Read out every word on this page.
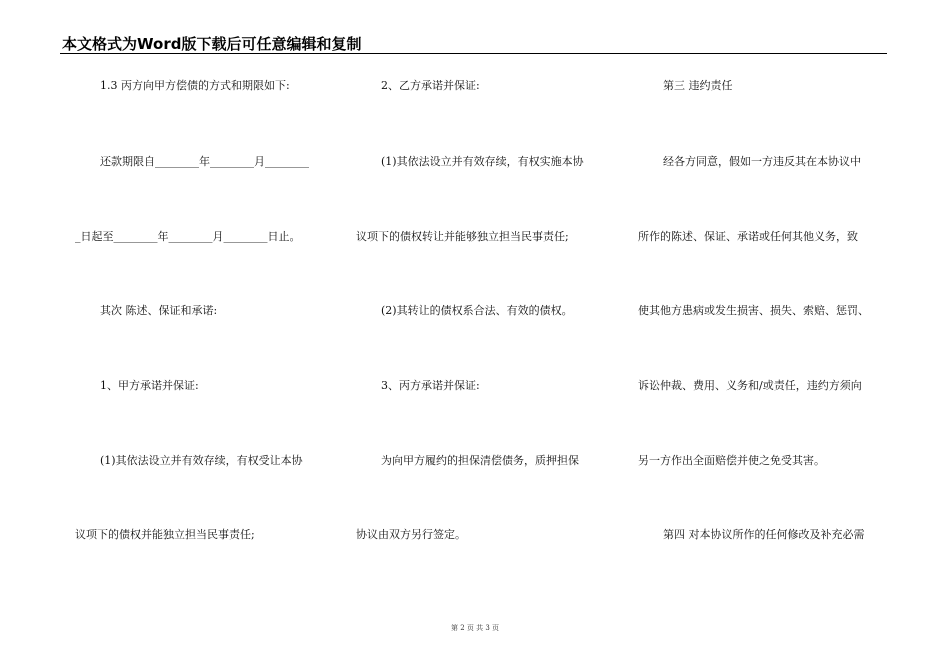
本文格式为Word版下载后可任意编辑和复制
1.3 丙方向甲方偿债的方式和期限如下:
还款期限自________年________月________
_日起至________年________月________日止。
其次 陈述、保证和承诺:
1、甲方承诺并保证:
(1)其依法设立并有效存续，有权受让本协
议项下的债权并能独立担当民事责任;
2、乙方承诺并保证:
(1)其依法设立并有效存续，有权实施本协
议项下的债权转让并能够独立担当民事责任;
(2)其转让的债权系合法、有效的债权。
3、丙方承诺并保证:
为向甲方履约的担保清偿债务，质押担保
协议由双方另行签定。
第三 违约责任
经各方同意，假如一方违反其在本协议中
所作的陈述、保证、承诺或任何其他义务，致
使其他方患病或发生损害、损失、索赔、惩罚、
诉讼仲裁、费用、义务和/或责任，违约方须向
另一方作出全面赔偿并使之免受其害。
第四 对本协议所作的任何修改及补充必需
第 2 页 共 3 页
